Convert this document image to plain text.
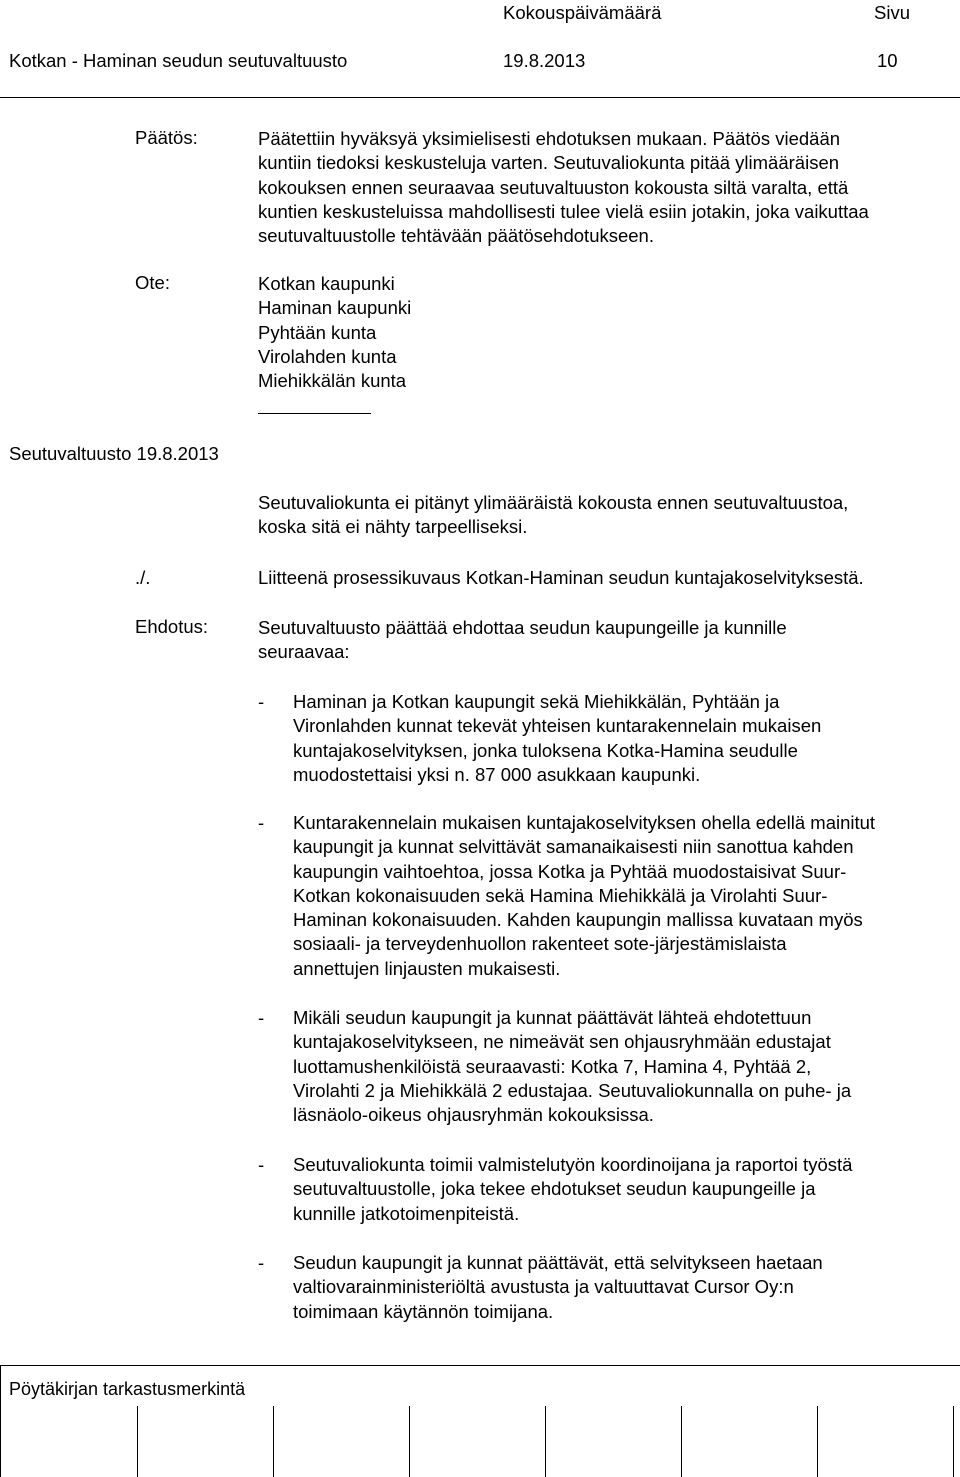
Kokouspäivämäärä	Sivu
Kotkan - Haminan seudun seutuvaltuusto	19.8.2013	10
Päätös:	Päätettiin hyväksyä yksimielisesti ehdotuksen mukaan. Päätös viedään
kuntiin tiedoksi keskusteluja varten. Seutuvaliokunta pitää ylimääräisen
kokouksen ennen seuraavaa seutuvaltuuston kokousta siltä varalta, että
kuntien keskusteluissa mahdollisesti tulee vielä esiin jotakin, joka vaikuttaa
seutuvaltuustolle tehtävään päätösehdotukseen.
Ote:	Kotkan kaupunki
Haminan kaupunki
Pyhtään kunta
Virolahden kunta
Miehikkälän kunta
Seutuvaltuusto 19.8.2013
Seutuvaliokunta ei pitänyt ylimääräistä kokousta ennen seutuvaltuustoa,
koska sitä ei nähty tarpeelliseksi.
./.	Liitteenä prosessikuvaus Kotkan-Haminan seudun kuntajakoselvityksestä.
Ehdotus:	Seutuvaltuusto päättää ehdottaa seudun kaupungeille ja kunnille
seuraavaa:
- Haminan ja Kotkan kaupungit sekä Miehikkälän, Pyhtään ja
Vironlahden kunnat tekevät yhteisen kuntarakennelain mukaisen
kuntajakoselvityksen, jonka tuloksena Kotka-Hamina seudulle
muodostettaisi yksi n. 87 000 asukkaan kaupunki.
- Kuntarakennelain mukaisen kuntajakoselvityksen ohella edellä mainitut
kaupungit ja kunnat selvittävät samanaikaisesti niin sanottua kahden
kaupungin vaihtoehtoa, jossa Kotka ja Pyhtää muodostaisivat Suur-
Kotkan kokonaisuuden sekä Hamina Miehikkälä ja Virolahti Suur-
Haminan kokonaisuuden. Kahden kaupungin mallissa kuvataan myös
sosiaali- ja terveydenhuollon rakenteet sote-järjestämislaista
annettujen linjausten mukaisesti.
- Mikäli seudun kaupungit ja kunnat päättävät lähteä ehdotettuun
kuntajakoselvitykseen, ne nimeävät sen ohjausryhmään edustajat
luottamushenkilöistä seuraavasti: Kotka 7, Hamina 4, Pyhtää 2,
Virolahti 2 ja Miehikkälä 2 edustajaa. Seutuvaliokunnalla on puhe- ja
läsnäolo-oikeus ohjausryhmän kokouksissa.
- Seutuvaliokunta toimii valmistelutyön koordinoijana ja raportoi työstä
seutuvaltuustolle, joka tekee ehdotukset seudun kaupungeille ja
kunnille jatkotoimenpiteistä.
- Seudun kaupungit ja kunnat päättävät, että selvitykseen haetaan
valtiovarainministeriöltä avustusta ja valtuuttavat Cursor Oy:n
toimimaan käytännön toimijana.
Pöytäkirjan tarkastusmerkintä
